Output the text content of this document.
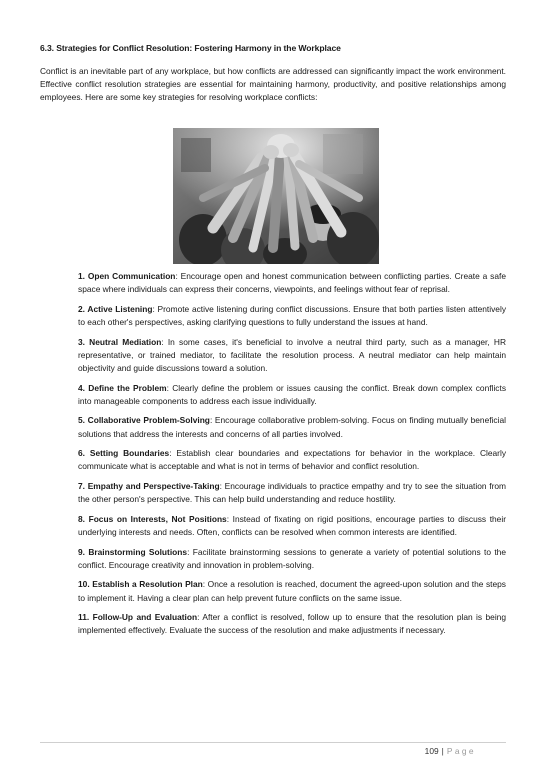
6.3. Strategies for Conflict Resolution: Fostering Harmony in the Workplace

Conflict is an inevitable part of any workplace, but how conflicts are addressed can significantly impact the work environment. Effective conflict resolution strategies are essential for maintaining harmony, productivity, and positive relationships among employees. Here are some key strategies for resolving workplace conflicts:

1. Open Communication: Encourage open and honest communication between conflicting parties. Create a safe space where individuals can express their concerns, viewpoints, and feelings without fear of reprisal.

2. Active Listening: Promote active listening during conflict discussions. Ensure that both parties listen attentively to each other's perspectives, asking clarifying questions to fully understand the issues at hand.

3. Neutral Mediation: In some cases, it's beneficial to involve a neutral third party, such as a manager, HR representative, or trained mediator, to facilitate the resolution process. A neutral mediator can help maintain objectivity and guide discussions toward a solution.

4. Define the Problem: Clearly define the problem or issues causing the conflict. Break down complex conflicts into manageable components to address each issue individually.

5. Collaborative Problem-Solving: Encourage collaborative problem-solving. Focus on finding mutually beneficial solutions that address the interests and concerns of all parties involved.

6. Setting Boundaries: Establish clear boundaries and expectations for behavior in the workplace. Clearly communicate what is acceptable and what is not in terms of behavior and conflict resolution.

7. Empathy and Perspective-Taking: Encourage individuals to practice empathy and try to see the situation from the other person's perspective. This can help build understanding and reduce hostility.

8. Focus on Interests, Not Positions: Instead of fixating on rigid positions, encourage parties to discuss their underlying interests and needs. Often, conflicts can be resolved when common interests are identified.

9. Brainstorming Solutions: Facilitate brainstorming sessions to generate a variety of potential solutions to the conflict. Encourage creativity and innovation in problem-solving.

10. Establish a Resolution Plan: Once a resolution is reached, document the agreed-upon solution and the steps to implement it. Having a clear plan can help prevent future conflicts on the same issue.

11. Follow-Up and Evaluation: After a conflict is resolved, follow up to ensure that the resolution plan is being implemented effectively. Evaluate the success of the resolution and make adjustments if necessary.

109 | Page
